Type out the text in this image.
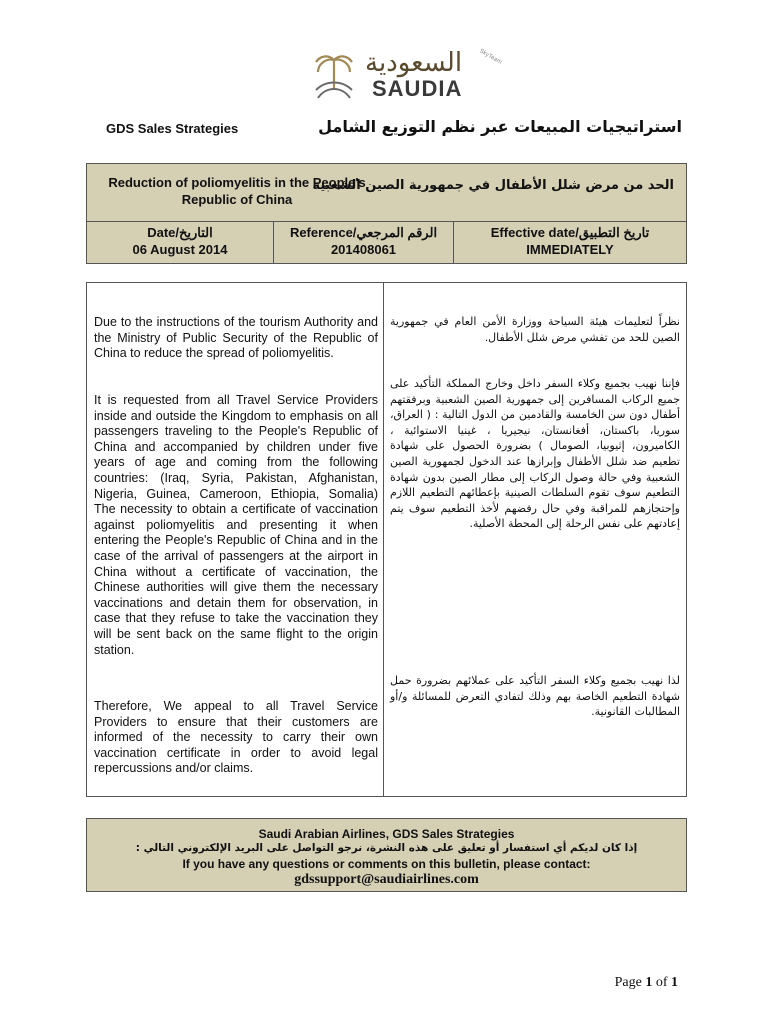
السعودية
SAUDIA
SkyTeam
GDS Sales Strategies	استراتيجيات المبيعات عبر نظم التوزيع الشامل
Reduction of poliomyelitis in the People's Republic of China
الحد من مرض شلل الأطفال في جمهورية الصين الشعبية
Date/التاريخ
06 August 2014
Reference/الرقم المرجعي
201408061
Effective date/تاريخ التطبيق
IMMEDIATELY
Due to the instructions of the tourism Authority and the Ministry of Public Security of the Republic of China to reduce the spread of poliomyelitis.
It is requested from all Travel Service Providers inside and outside the Kingdom to emphasis on all passengers traveling to the People's Republic of China and accompanied by children under five years of age and coming from the following countries: (Iraq, Syria, Pakistan, Afghanistan, Nigeria, Guinea, Cameroon, Ethiopia, Somalia) The necessity to obtain a certificate of vaccination against poliomyelitis and presenting it when entering the People's Republic of China and in the case of the arrival of passengers at the airport in China without a certificate of vaccination, the Chinese authorities will give them the necessary vaccinations and detain them for observation, in case that they refuse to take the vaccination they will be sent back on the same flight to the origin station.
Therefore, We appeal to all Travel Service Providers to ensure that their customers are informed of the necessity to carry their own vaccination certificate in order to avoid legal repercussions and/or claims.
نظراً لتعليمات هيئة السياحة ووزارة الأمن العام في جمهورية الصين للحد من تفشي مرض شلل الأطفال.
فإننا نهيب بجميع وكلاء السفر داخل وخارج المملكة التأكيد على جميع الركاب المسافرين إلى جمهورية الصين الشعبية وبرفقتهم أطفال دون سن الخامسة والقادمين من الدول التالية : ( العراق، سوريا، باكستان، أفغانستان، نيجيريا ، غينيا الاستوائية ، الكاميرون، إثيوبيا، الصومال ) بضرورة الحصول على شهادة تطعيم ضد شلل الأطفال وإبرازها عند الدخول لجمهورية الصين الشعبية وفي حالة وصول الركاب إلى مطار الصين بدون شهادة التطعيم سوف تقوم السلطات الصينية بإعطائهم التطعيم اللازم وإحتجازهم للمراقبة وفي حال رفضهم لأخذ التطعيم سوف يتم إعادتهم على نفس الرحلة إلى المحطة الأصلية.
لذا نهيب بجميع وكلاء السفر التأكيد على عملائهم بضرورة حمل شهادة التطعيم الخاصة بهم وذلك لتفادي التعرض للمسائلة و/أو المطالبات القانونية.
Saudi Arabian Airlines, GDS Sales Strategies
إذا كان لديكم أي استفسار أو تعليق على هذه النشرة، نرجو التواصل على البريد الإلكتروني التالي :
If you have any questions or comments on this bulletin, please contact:
gdssupport@saudiairlines.com
Page 1 of 1
